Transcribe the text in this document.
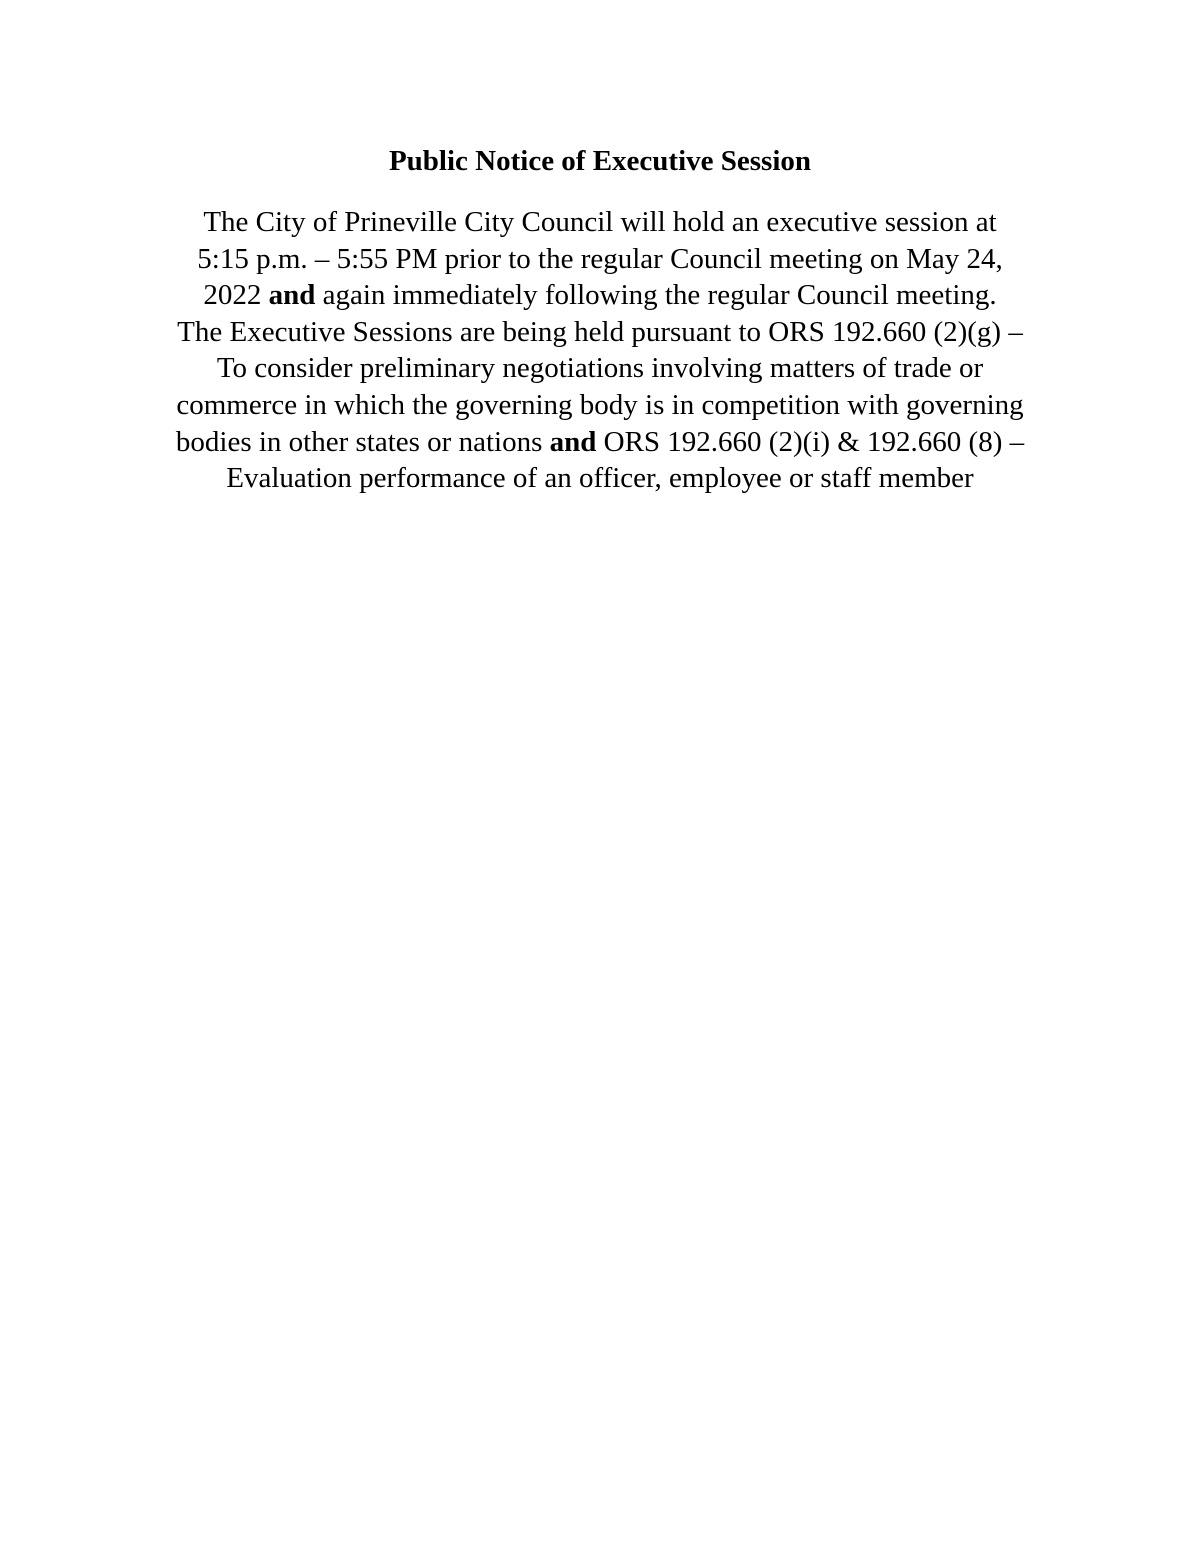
Public Notice of Executive Session
The City of Prineville City Council will hold an executive session at
5:15 p.m. – 5:55 PM prior to the regular Council meeting on May 24,
2022 and again immediately following the regular Council meeting.
The Executive Sessions are being held pursuant to ORS 192.660 (2)(g) –
To consider preliminary negotiations involving matters of trade or
commerce in which the governing body is in competition with governing
bodies in other states or nations and ORS 192.660 (2)(i) & 192.660 (8) –
Evaluation performance of an officer, employee or staff member
